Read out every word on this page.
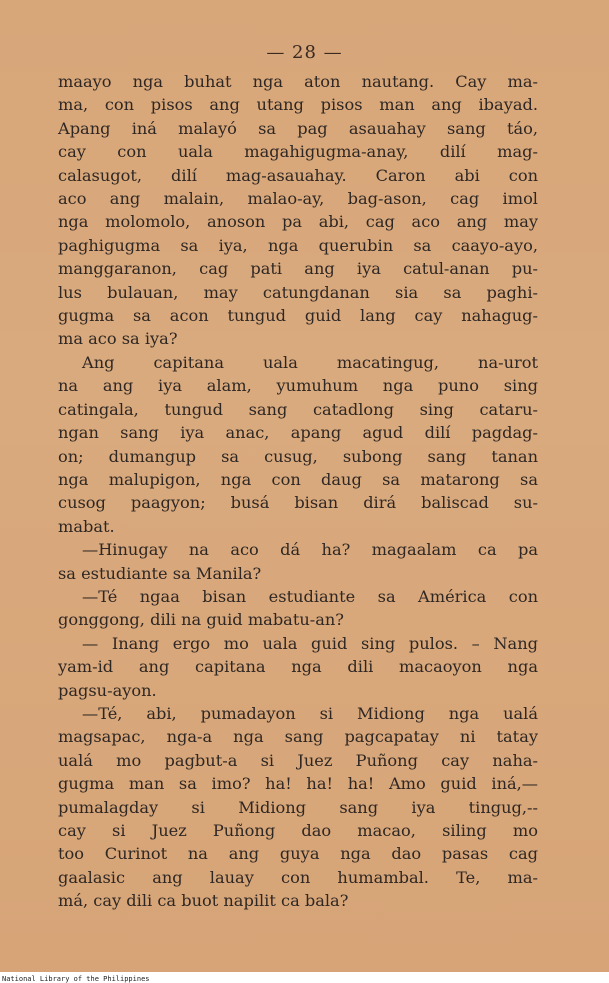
— 28 —

maayo nga buhat nga aton nautang. Cay ma-
ma, con pisos ang utang pisos man ang ibayad.
Apang iná malayó sa pag asauahay sang táo,
cay con uala magahigugma-anay, dilí mag-
calasugot, dilí mag-asauahay. Caron abi con
aco ang malain, malao-ay, bag-ason, cag imol
nga molomolo, anoson pa abi, cag aco ang may
paghigugma sa iya, nga querubin sa caayo-ayo,
manggaranon, cag pati ang iya catul-anan pu-
lus bulauan, may catungdanan sia sa paghi-
gugma sa acon tungud guid lang cay nahagug-
ma aco sa iya?

Ang capitana uala macatingug, na-urot
na ang iya alam, yumuhum nga puno sing
catingala, tungud sang catadlong sing cataru-
ngan sang iya anac, apang agud dilí pagdag-
on; dumangup sa cusug, subong sang tanan
nga malupigon, nga con daug sa matarong sa
cusog paagyon; busá bisan dirá baliscad su-
mabat.

—Hinugay na aco dá ha? magaalam ca pa
sa estudiante sa Manila?

—Té ngaa bisan estudiante sa América con
gonggong, dili na guid mabatu-an?

— Inang ergo mo uala guid sing pulos. – Nang
yam-id ang capitana nga dili macaoyon nga
pagsu-ayon.

—Té, abi, pumadayon si Midiong nga ualá
magsapac, nga-a nga sang pagcapatay ni tatay
ualá mo pagbut-a si Juez Puñong cay naha-
gugma man sa imo? ha! ha! ha! Amo guid iná,—
pumalagday si Midiong sang iya tingug,--
cay si Juez Puñong dao macao, siling mo
too Curinot na ang guya nga dao pasas cag
gaalasic ang lauay con humambal. Te, ma-
má, cay dili ca buot napilit ca bala?

National Library of the Philippines
